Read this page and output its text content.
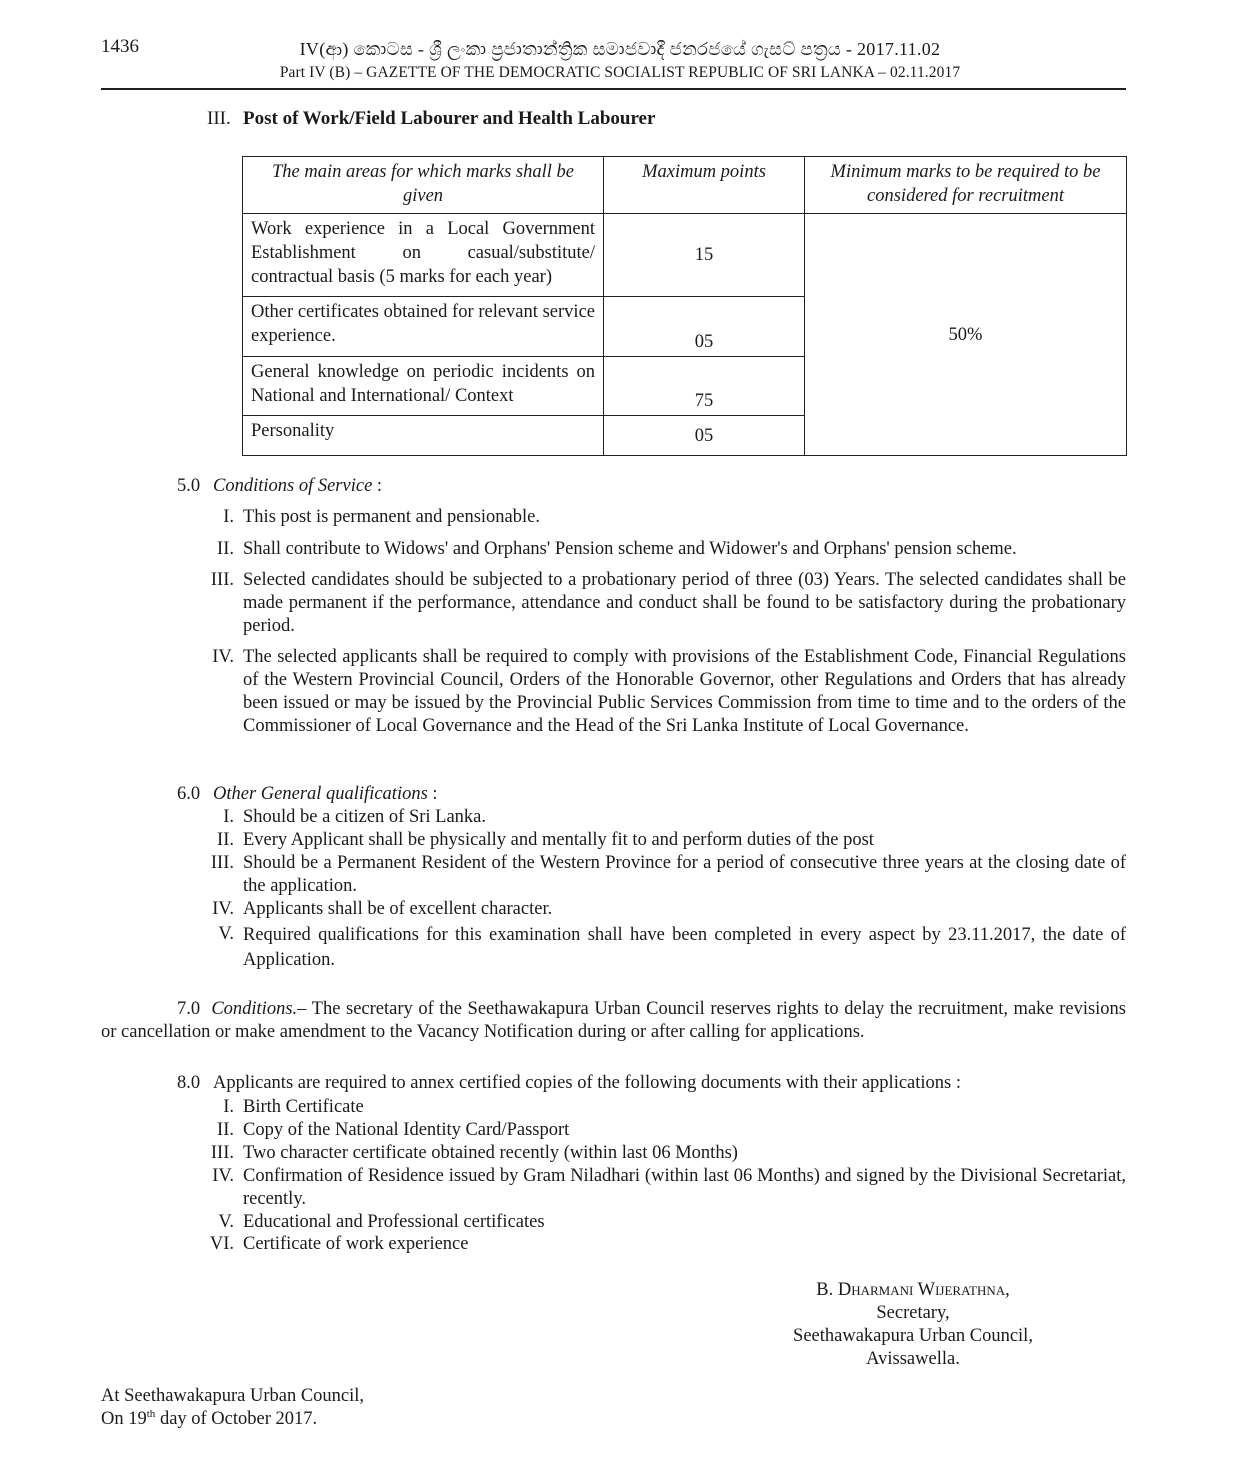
1436	IV(ආ) කොටස - ශ්‍රී ලංකා ප්‍රජාතාන්ත්‍රික සමාජවාදී ජනරජයේ ගැසට් පත්‍රය - 2017.11.02
Part IV (B) – GAZETTE OF THE DEMOCRATIC SOCIALIST REPUBLIC OF SRI LANKA – 02.11.2017
III. Post of Work/Field Labourer and Health Labourer
The main areas for which marks shall be given	Maximum points	Minimum marks to be required to be considered for recruitment
Work experience in a Local Government Establishment on casual/substitute/ contractual basis (5 marks for each year)	15	50%
Other certificates obtained for relevant service experience.	05	
General knowledge on periodic incidents on National and International/ Context	75	
Personality	05	
5.0 Conditions of Service :
I. This post is permanent and pensionable.
II. Shall contribute to Widows' and Orphans' Pension scheme and Widower's and Orphans' pension scheme.
III. Selected candidates should be subjected to a probationary period of three (03) Years. The selected candidates shall be made permanent if the performance, attendance and conduct shall be found to be satisfactory during the probationary period.
IV. The selected applicants shall be required to comply with provisions of the Establishment Code, Financial Regulations of the Western Provincial Council, Orders of the Honorable Governor, other Regulations and Orders that has already been issued or may be issued by the Provincial Public Services Commission from time to time and to the orders of the Commissioner of Local Governance and the Head of the Sri Lanka Institute of Local Governance.
6.0 Other General qualifications :
I. Should be a citizen of Sri Lanka.
II. Every Applicant shall be physically and mentally fit to and perform duties of the post
III. Should be a Permanent Resident of the Western Province for a period of consecutive three years at the closing date of the application.
IV. Applicants shall be of excellent character.
V. Required qualifications for this examination shall have been completed in every aspect by 23.11.2017, the date of Application.
7.0 Conditions.– The secretary of the Seethawakapura Urban Council reserves rights to delay the recruitment, make revisions or cancellation or make amendment to the Vacancy Notification during or after calling for applications.
8.0 Applicants are required to annex certified copies of the following documents with their applications :
I. Birth Certificate
II. Copy of the National Identity Card/Passport
III. Two character certificate obtained recently (within last 06 Months)
IV. Confirmation of Residence issued by Gram Niladhari (within last 06 Months) and signed by the Divisional Secretariat, recently.
V. Educational and Professional certificates
VI. Certificate of work experience
B. Dharmani Wijerathna,
Secretary,
Seethawakapura Urban Council,
Avissawella.
At Seethawakapura Urban Council,
On 19th day of October 2017.
